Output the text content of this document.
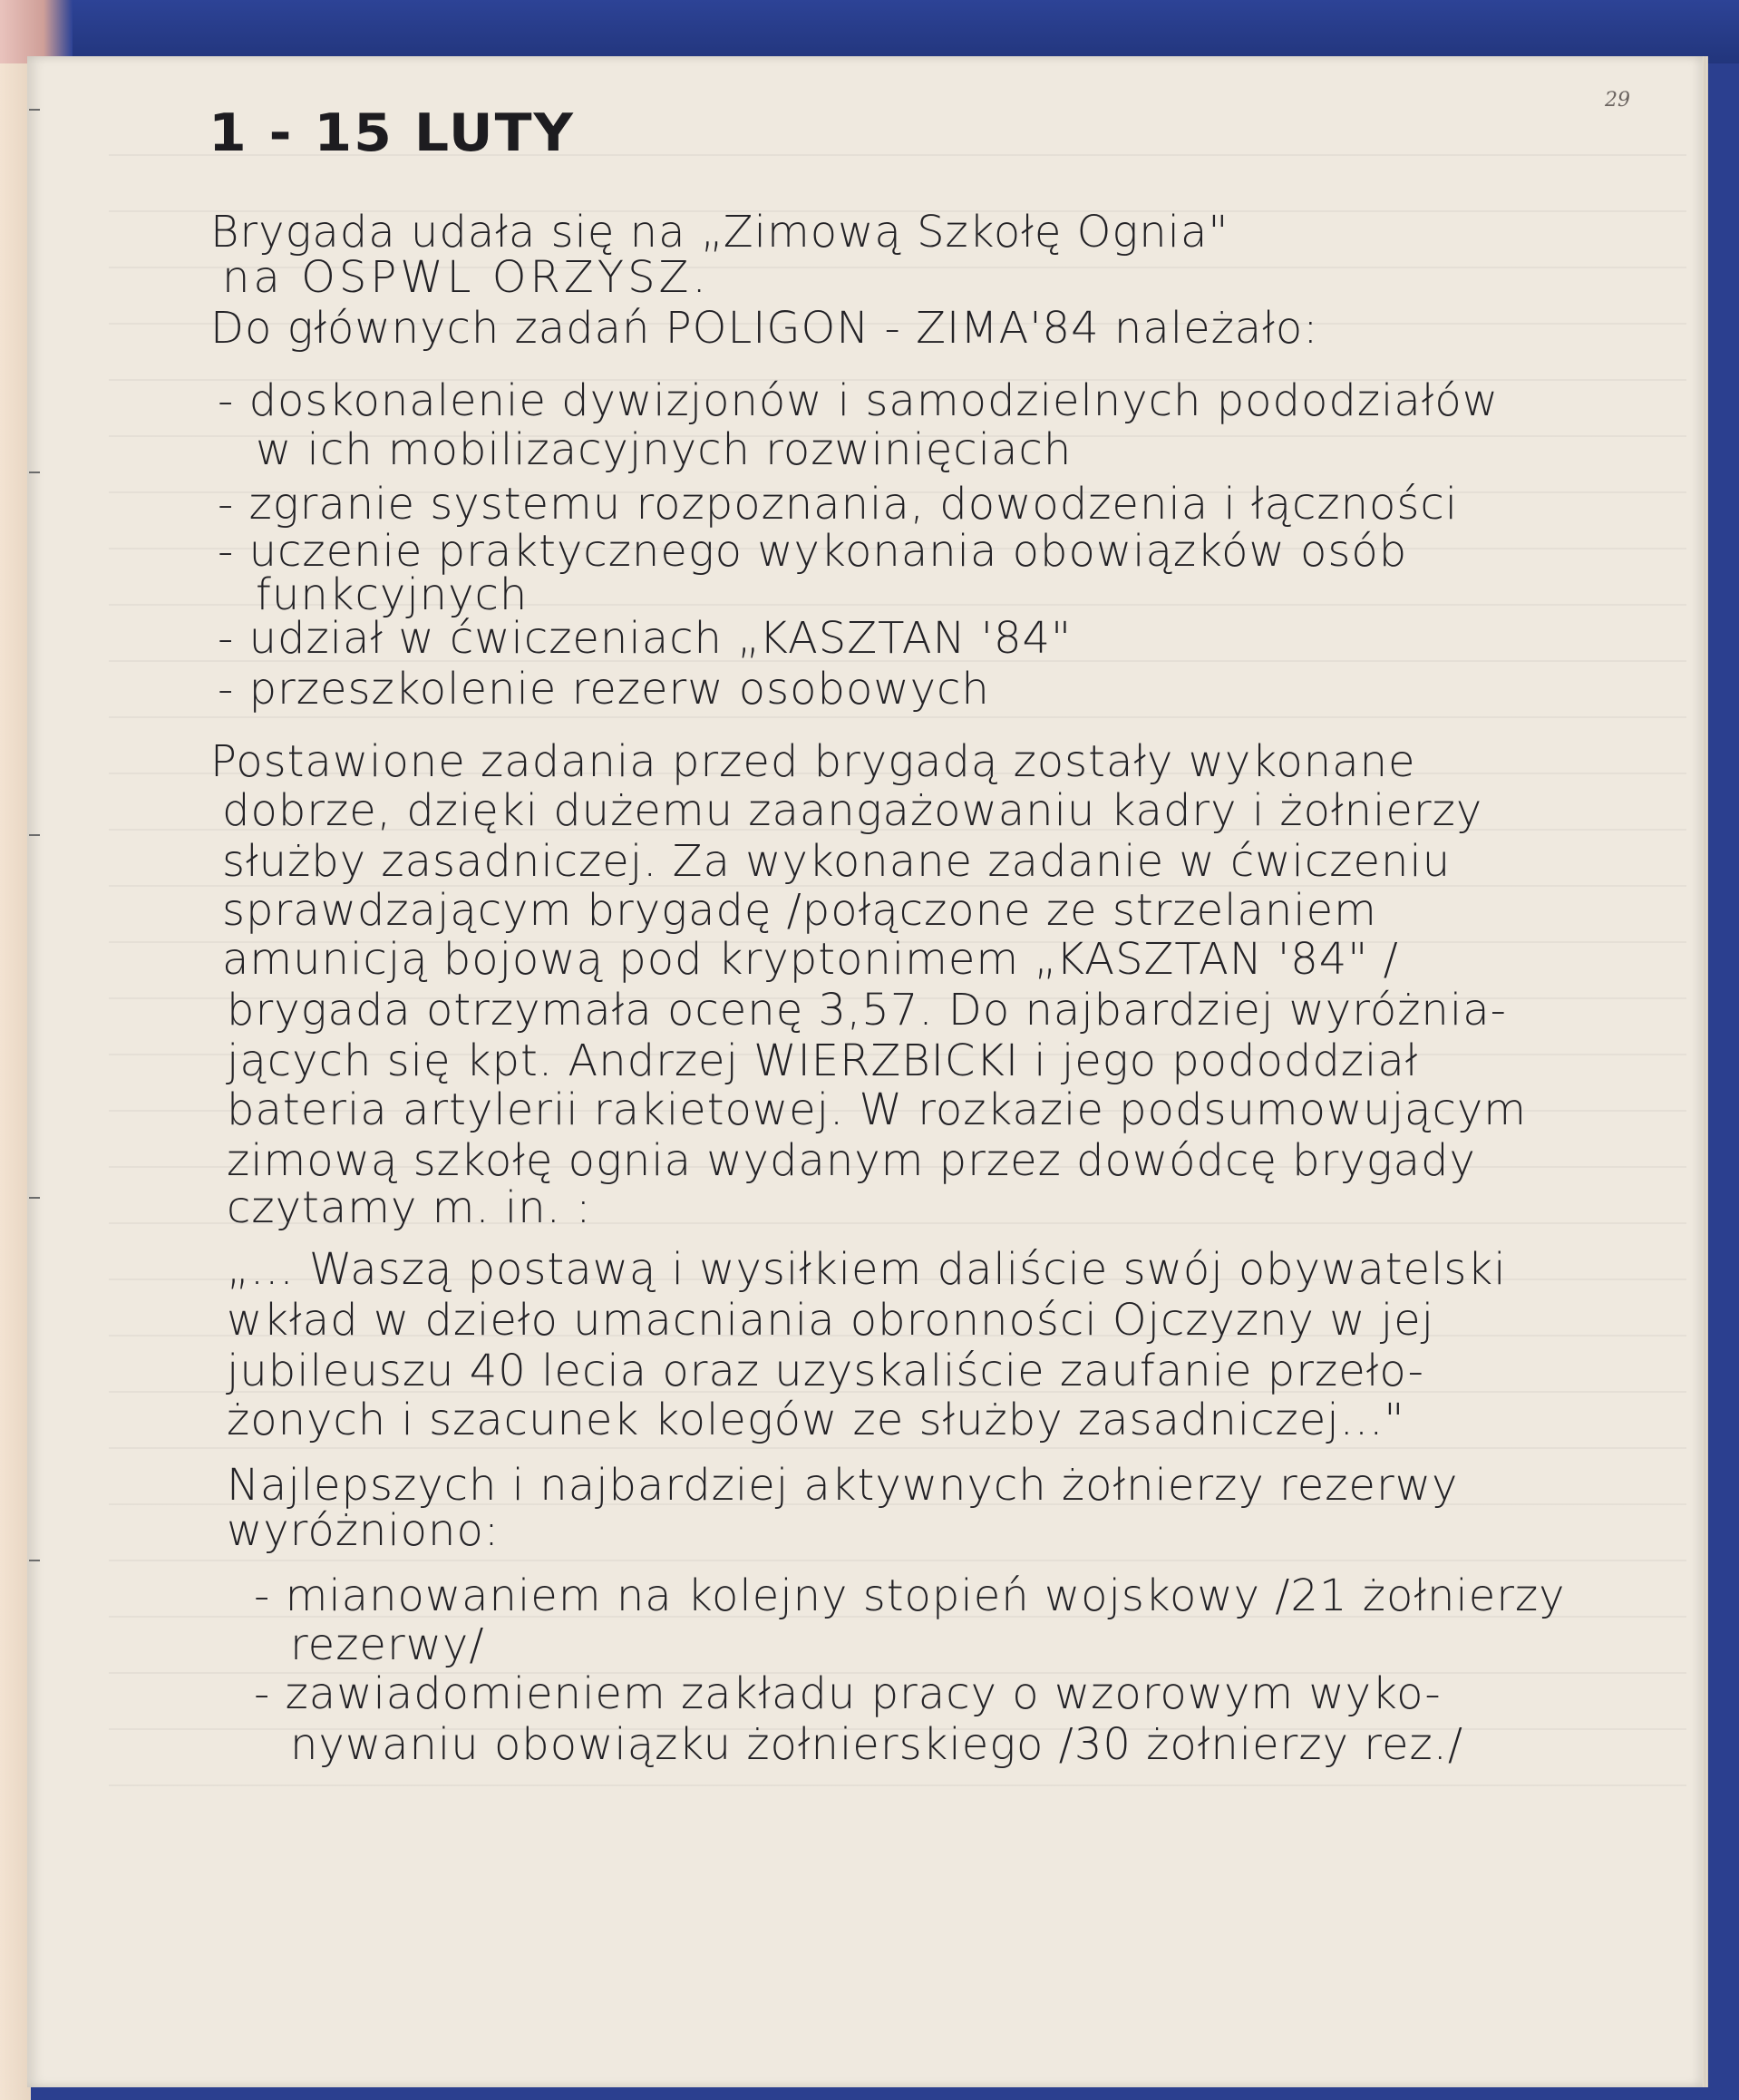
29
1 - 15 LUTY

Brygada udała się na „Zimową Szkołę Ognia"

na OSPWL ORZYSZ.

Do głównych zadań POLIGON - ZIMA'84 należało:

- doskonalenie dywizjonów i samodzielnych pododziałów

w ich mobilizacyjnych rozwinięciach

- zgranie systemu rozpoznania, dowodzenia i łączności

- uczenie praktycznego wykonania obowiązków osób

funkcyjnych

- udział w ćwiczeniach „KASZTAN '84"

- przeszkolenie rezerw osobowych

Postawione zadania przed brygadą zostały wykonane

dobrze, dzięki dużemu zaangażowaniu kadry i żołnierzy

służby zasadniczej. Za wykonane zadanie w ćwiczeniu

sprawdzającym brygadę /połączone ze strzelaniem

amunicją bojową pod kryptonimem „KASZTAN '84" /

brygada otrzymała ocenę 3,57. Do najbardziej wyróżnia-

jących się kpt. Andrzej WIERZBICKI i jego pododdział

bateria artylerii rakietowej. W rozkazie podsumowującym

zimową szkołę ognia wydanym przez dowódcę brygady

czytamy m. in. :

„... Waszą postawą i wysiłkiem daliście swój obywatelski

wkład w dzieło umacniania obronności Ojczyzny w jej

jubileuszu 40 lecia oraz uzyskaliście zaufanie przeło-

żonych i szacunek kolegów ze służby zasadniczej..."

Najlepszych i najbardziej aktywnych żołnierzy rezerwy

wyróżniono:

- mianowaniem na kolejny stopień wojskowy /21 żołnierzy

rezerwy/

- zawiadomieniem zakładu pracy o wzorowym wyko-

nywaniu obowiązku żołnierskiego /30 żołnierzy rez./
